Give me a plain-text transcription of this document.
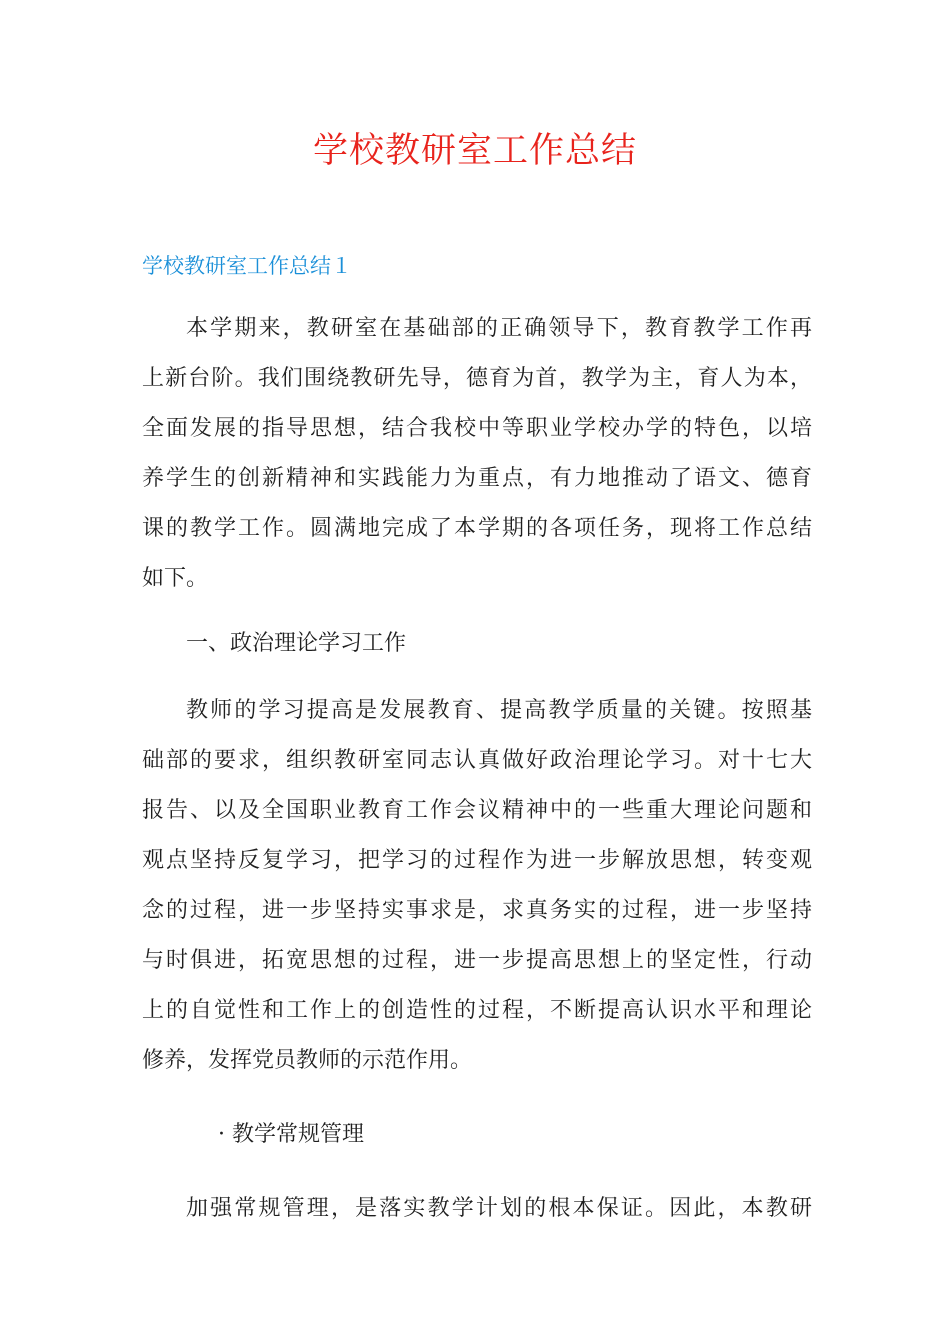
学校教研室工作总结
学校教研室工作总结１
本学期来，教研室在基础部的正确领导下，教育教学工作再
上新台阶。我们围绕教研先导，德育为首，教学为主，育人为本，
全面发展的指导思想，结合我校中等职业学校办学的特色，以培
养学生的创新精神和实践能力为重点，有力地推动了语文、德育
课的教学工作。圆满地完成了本学期的各项任务，现将工作总结
如下。
一、政治理论学习工作
教师的学习提高是发展教育、提高教学质量的关键。按照基
础部的要求，组织教研室同志认真做好政治理论学习。对十七大
报告、以及全国职业教育工作会议精神中的一些重大理论问题和
观点坚持反复学习，把学习的过程作为进一步解放思想，转变观
念的过程，进一步坚持实事求是，求真务实的过程，进一步坚持
与时俱进，拓宽思想的过程，进一步提高思想上的坚定性，行动
上的自觉性和工作上的创造性的过程，不断提高认识水平和理论
修养，发挥党员教师的示范作用。
· 教学常规管理
加强常规管理，是落实教学计划的根本保证。因此，本教研
